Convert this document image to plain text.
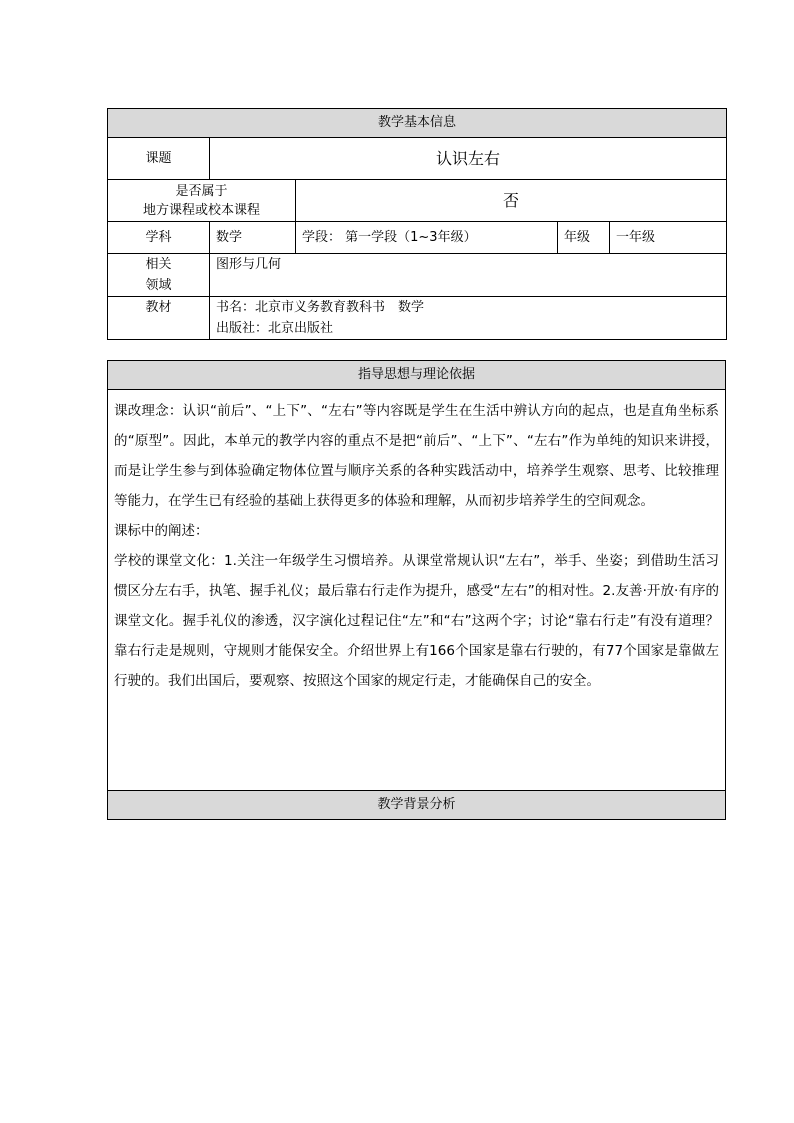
教学基本信息				
课题	认识左右			

是否属于
地方课程或校本课程		否		
学科	数学	学段： 第一学段（1~3年级）	年级	一年级

相关
领域	图形与几何			
教材	书名：北京市义务教育教科书　数学
出版社：北京出版社			
指导思想与理论依据

课改理念：认识“前后”、“上下”、“左右”等内容既是学生在生活中辨认方向的起点，也是直角坐标系的“原型”。因此，本单元的教学内容的重点不是把“前后”、“上下”、“左右”作为单纯的知识来讲授，而是让学生参与到体验确定物体位置与顺序关系的各种实践活动中，培养学生观察、思考、比较推理等能力，在学生已有经验的基础上获得更多的体验和理解，从而初步培养学生的空间观念。

课标中的阐述：

学校的课堂文化：1.关注一年级学生习惯培养。从课堂常规认识“左右”，举手、坐姿；到借助生活习惯区分左右手，执笔、握手礼仪；最后靠右行走作为提升，感受“左右”的相对性。2.友善·开放·有序的课堂文化。握手礼仪的渗透，汉字演化过程记住“左”和“右”这两个字；讨论“靠右行走”有没有道理？靠右行走是规则，守规则才能保安全。介绍世界上有166个国家是靠右行驶的，有77个国家是靠做左行驶的。我们出国后，要观察、按照这个国家的规定行走，才能确保自己的安全。

教学背景分析
